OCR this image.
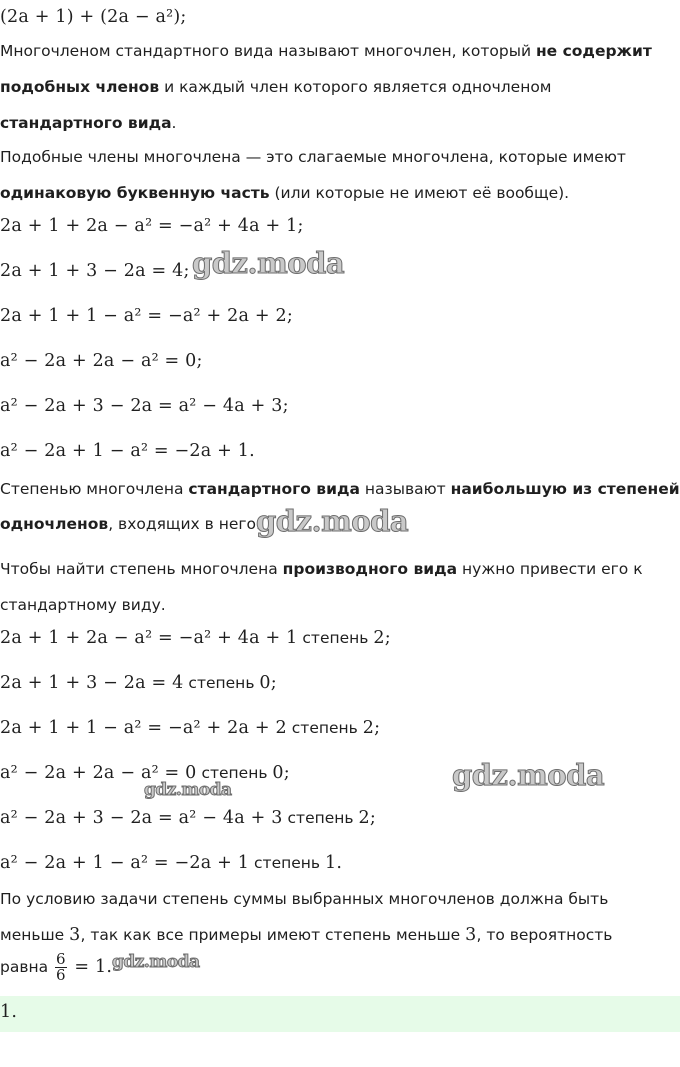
(2a + 1) + (2a − a²);
Многочленом стандартного вида называют многочлен, который не содержит
подобных членов и каждый член которого является одночленом
стандартного вида.
Подобные члены многочлена — это слагаемые многочлена, которые имеют
одинаковую буквенную часть (или которые не имеют её вообще).
2a + 1 + 2a − a² = −a² + 4a + 1;
2a + 1 + 3 − 2a = 4;
2a + 1 + 1 − a² = −a² + 2a + 2;
a² − 2a + 2a − a² = 0;
a² − 2a + 3 − 2a = a² − 4a + 3;
a² − 2a + 1 − a² = −2a + 1.
Степенью многочлена стандартного вида называют наибольшую из степеней
одночленов, входящих в него.
Чтобы найти степень многочлена производного вида нужно привести его к
стандартному виду.
2a + 1 + 2a − a² = −a² + 4a + 1 степень 2;
2a + 1 + 3 − 2a = 4 степень 0;
2a + 1 + 1 − a² = −a² + 2a + 2 степень 2;
a² − 2a + 2a − a² = 0 степень 0;
a² − 2a + 3 − 2a = a² − 4a + 3 степень 2;
a² − 2a + 1 − a² = −2a + 1 степень 1.
По условию задачи степень суммы выбранных многочленов должна быть
меньше 3, так как все примеры имеют степень меньше 3, то вероятность
равна $\frac{6}{6} = 1$.
1.
gdz.moda
gdz.moda
gdz.moda
gdz.moda
gdz.moda
